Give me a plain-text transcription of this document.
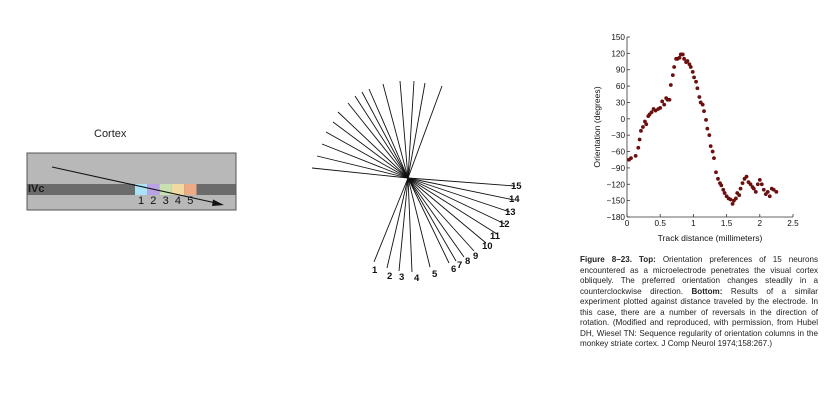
Cortex
IVc
1 2 3 4 5
1
2 3 4 5 6 7 8 9
10
11
12
13
14
15
150
120
90
60
30
0
−30
−60
−90
−120
−150
−180
0	0.5	1	1.5	2	2.5
Track distance (millimeters)
Orientation (degrees)
Figure 8–23. Top: Orientation preferences of 15 neurons encountered as a microelectrode penetrates the visual cortex obliquely. The preferred orientation changes steadily in a counterclockwise direction. Bottom: Results of a similar experiment plotted against distance traveled by the electrode. In this case, there are a number of reversals in the direction of rotation. (Modified and reproduced, with permission, from Hubel DH, Wiesel TN: Sequence regularity of orientation columns in the monkey striate cortex. J Comp Neurol 1974;158:267.)
